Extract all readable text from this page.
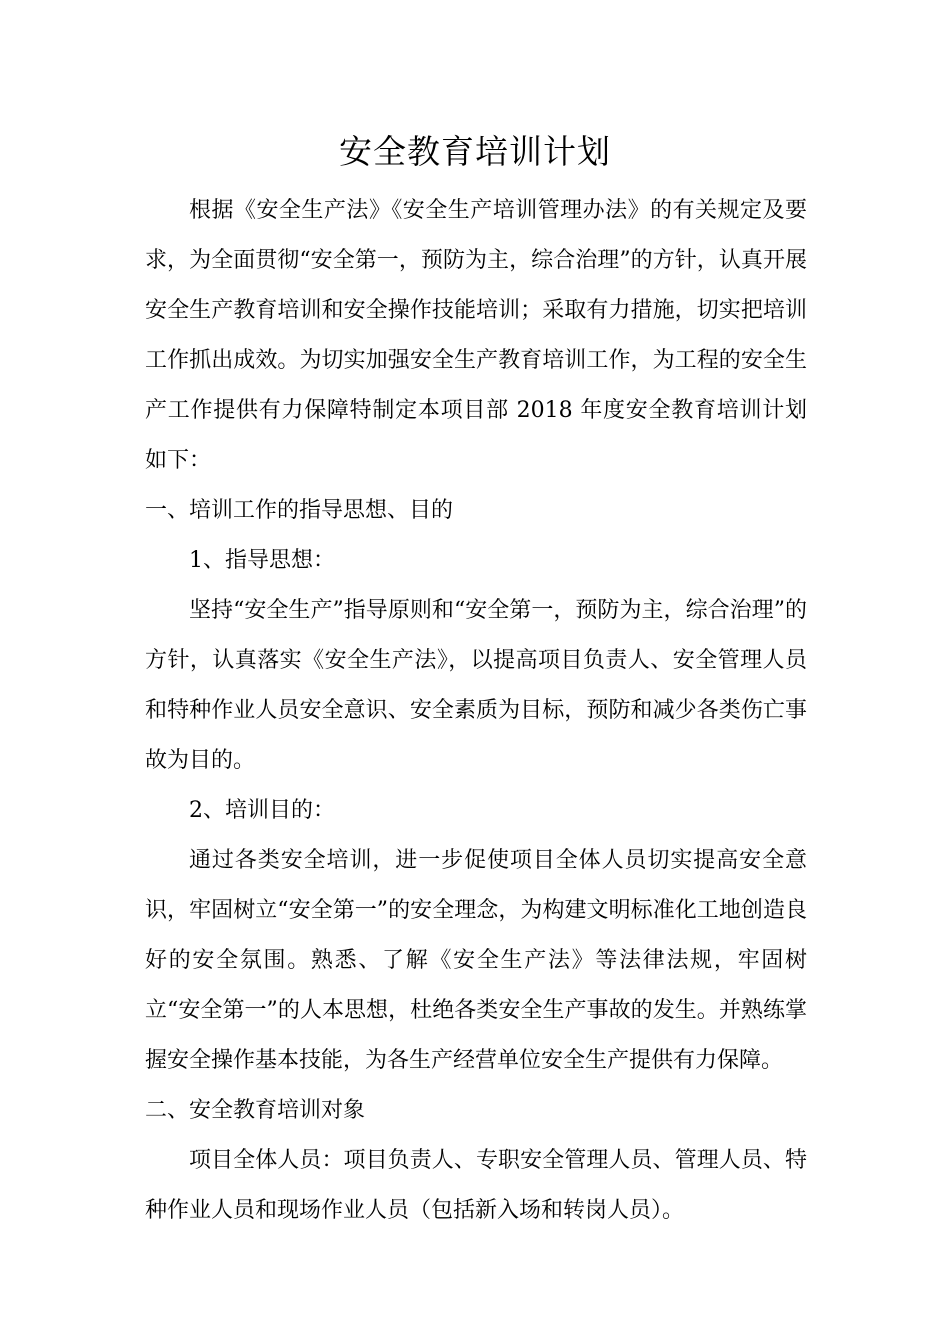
安全教育培训计划

根据《安全生产法》《安全生产培训管理办法》的有关规定及要求，为全面贯彻“安全第一，预防为主，综合治理”的方针，认真开展安全生产教育培训和安全操作技能培训；采取有力措施，切实把培训工作抓出成效。为切实加强安全生产教育培训工作，为工程的安全生产工作提供有力保障特制定本项目部 2018 年度安全教育培训计划如下：

一、培训工作的指导思想、目的

1、指导思想：

坚持“安全生产”指导原则和“安全第一，预防为主，综合治理”的方针，认真落实《安全生产法》，以提高项目负责人、安全管理人员和特种作业人员安全意识、安全素质为目标，预防和减少各类伤亡事故为目的。

2、培训目的：

通过各类安全培训，进一步促使项目全体人员切实提高安全意识，牢固树立“安全第一”的安全理念，为构建文明标准化工地创造良好的安全氛围。熟悉、了解《安全生产法》等法律法规，牢固树立“安全第一”的人本思想，杜绝各类安全生产事故的发生。并熟练掌握安全操作基本技能，为各生产经营单位安全生产提供有力保障。

二、安全教育培训对象

项目全体人员：项目负责人、专职安全管理人员、管理人员、特种作业人员和现场作业人员（包括新入场和转岗人员）。
